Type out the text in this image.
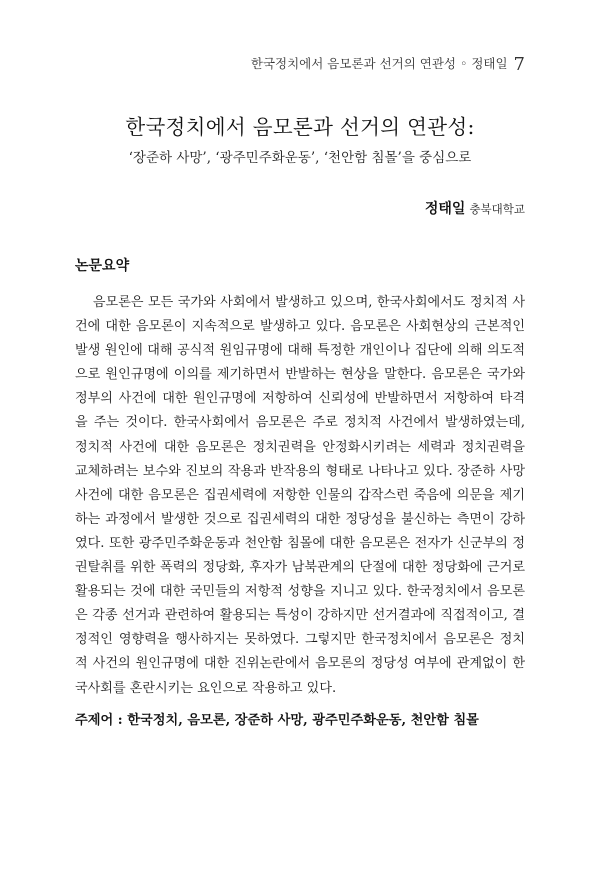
한국정치에서 음모론과 선거의 연관성 ◦ 정태일 7
한국정치에서 음모론과 선거의 연관성:
‘장준하 사망’, ‘광주민주화운동’, ‘천안함 침몰’을 중심으로
정태일 충북대학교
논문요약

음모론은 모든 국가와 사회에서 발생하고 있으며, 한국사회에서도 정치적 사건에 대한 음모론이 지속적으로 발생하고 있다. 음모론은 사회현상의 근본적인 발생 원인에 대해 공식적 원임규명에 대해 특정한 개인이나 집단에 의해 의도적으로 원인규명에 이의를 제기하면서 반발하는 현상을 말한다. 음모론은 국가와 정부의 사건에 대한 원인규명에 저항하여 신뢰성에 반발하면서 저항하여 타격을 주는 것이다. 한국사회에서 음모론은 주로 정치적 사건에서 발생하였는데, 정치적 사건에 대한 음모론은 정치권력을 안정화시키려는 세력과 정치권력을 교체하려는 보수와 진보의 작용과 반작용의 형태로 나타나고 있다. 장준하 사망사건에 대한 음모론은 집권세력에 저항한 인물의 갑작스런 죽음에 의문을 제기하는 과정에서 발생한 것으로 집권세력의 대한 정당성을 불신하는 측면이 강하였다. 또한 광주민주화운동과 천안함 침몰에 대한 음모론은 전자가 신군부의 정권탈취를 위한 폭력의 정당화, 후자가 남북관계의 단절에 대한 정당화에 근거로 활용되는 것에 대한 국민들의 저항적 성향을 지니고 있다. 한국정치에서 음모론은 각종 선거과 관련하여 활용되는 특성이 강하지만 선거결과에 직접적이고, 결정적인 영향력을 행사하지는 못하였다. 그렇지만 한국정치에서 음모론은 정치적 사건의 원인규명에 대한 진위논란에서 음모론의 정당성 여부에 관계없이 한국사회를 혼란시키는 요인으로 작용하고 있다.

주제어 : 한국정치, 음모론, 장준하 사망, 광주민주화운동, 천안함 침몰
